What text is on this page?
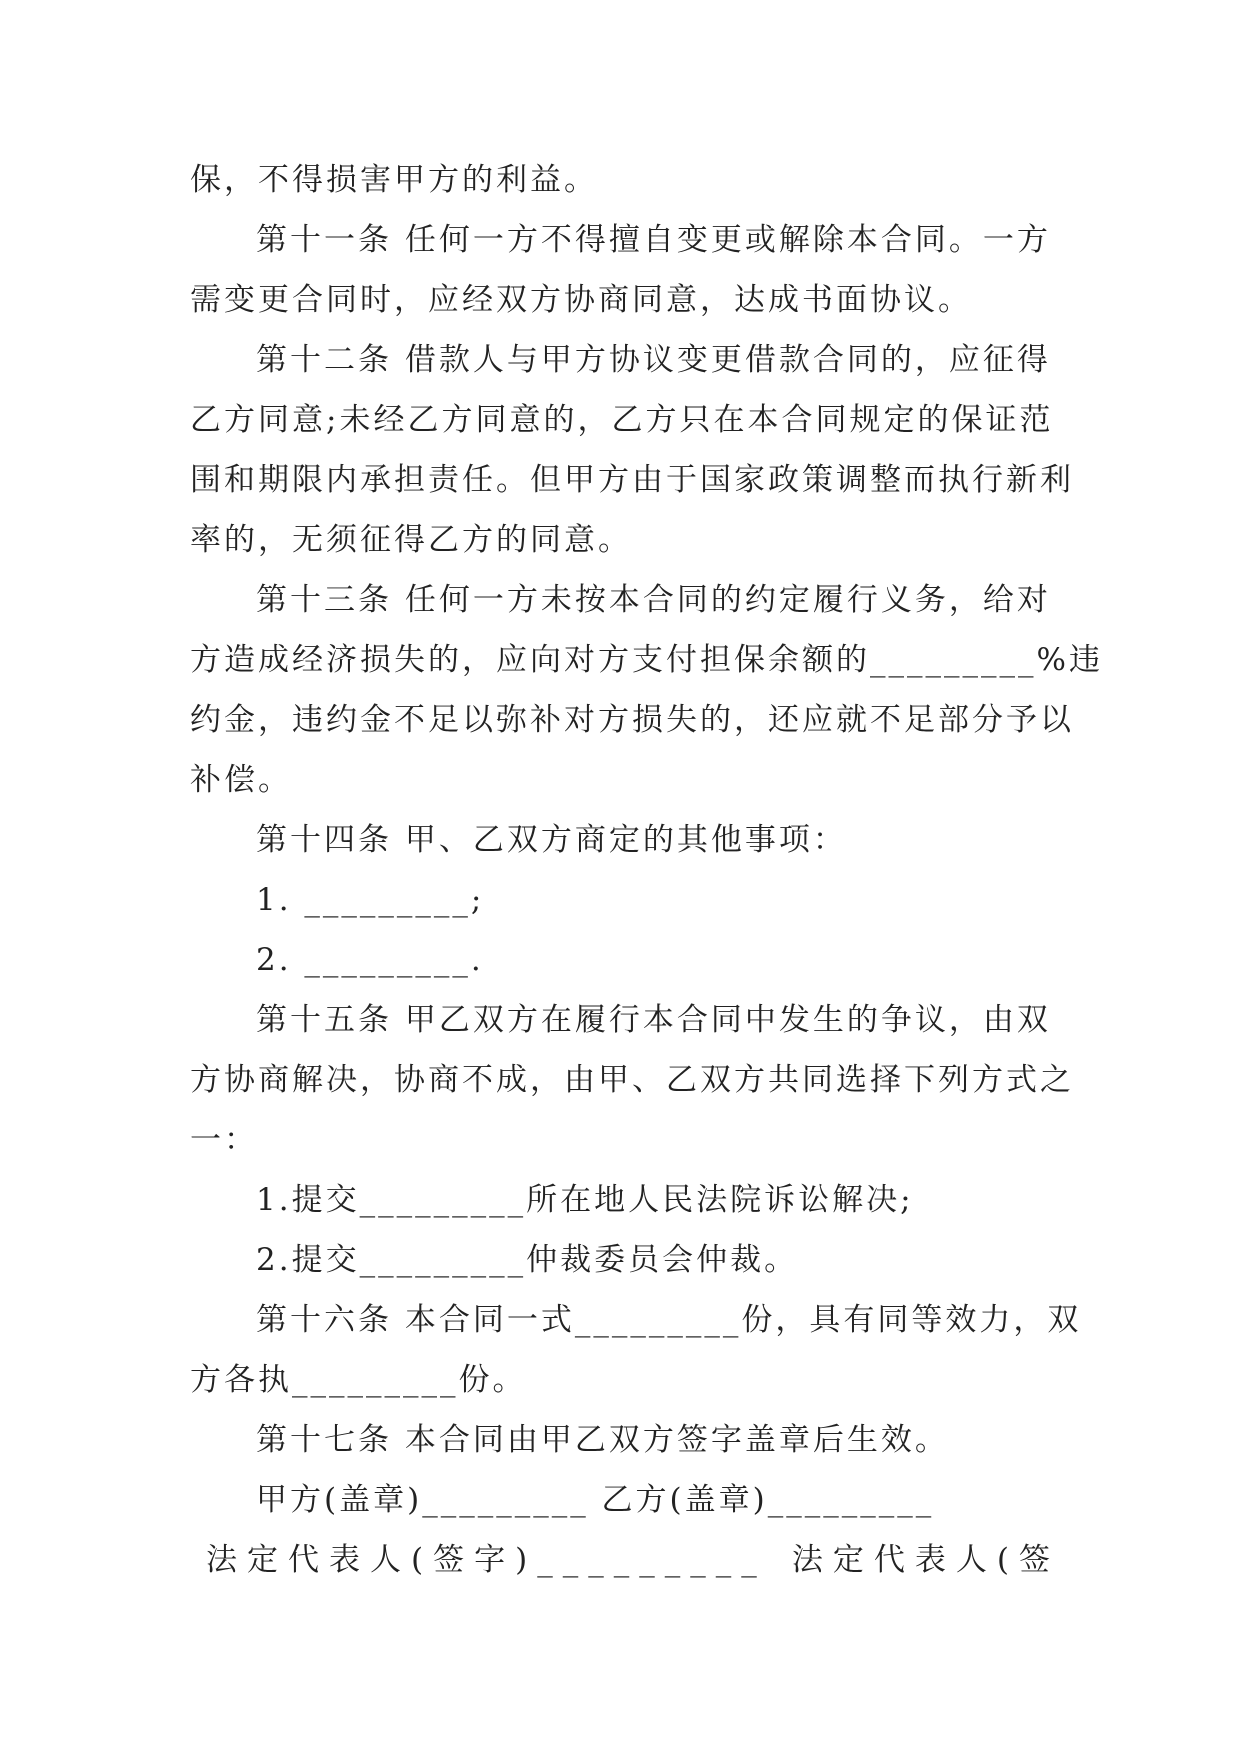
保，不得损害甲方的利益。
第十一条 任何一方不得擅自变更或解除本合同。一方
需变更合同时，应经双方协商同意，达成书面协议。
第十二条 借款人与甲方协议变更借款合同的，应征得
乙方同意;未经乙方同意的，乙方只在本合同规定的保证范
围和期限内承担责任。但甲方由于国家政策调整而执行新利
率的，无须征得乙方的同意。
第十三条 任何一方未按本合同的约定履行义务，给对
方造成经济损失的，应向对方支付担保余额的_________%违
约金，违约金不足以弥补对方损失的，还应就不足部分予以
补偿。
第十四条 甲、乙双方商定的其他事项：
1. _________;
2. _________.
第十五条 甲乙双方在履行本合同中发生的争议，由双
方协商解决，协商不成，由甲、乙双方共同选择下列方式之
一：
1.提交_________所在地人民法院诉讼解决;
2.提交_________仲裁委员会仲裁。
第十六条 本合同一式_________份，具有同等效力，双
方各执_________份。
第十七条 本合同由甲乙双方签字盖章后生效。
甲方(盖章)_________ 乙方(盖章)_________
法定代表人(签字)_________ 法定代表人(签
